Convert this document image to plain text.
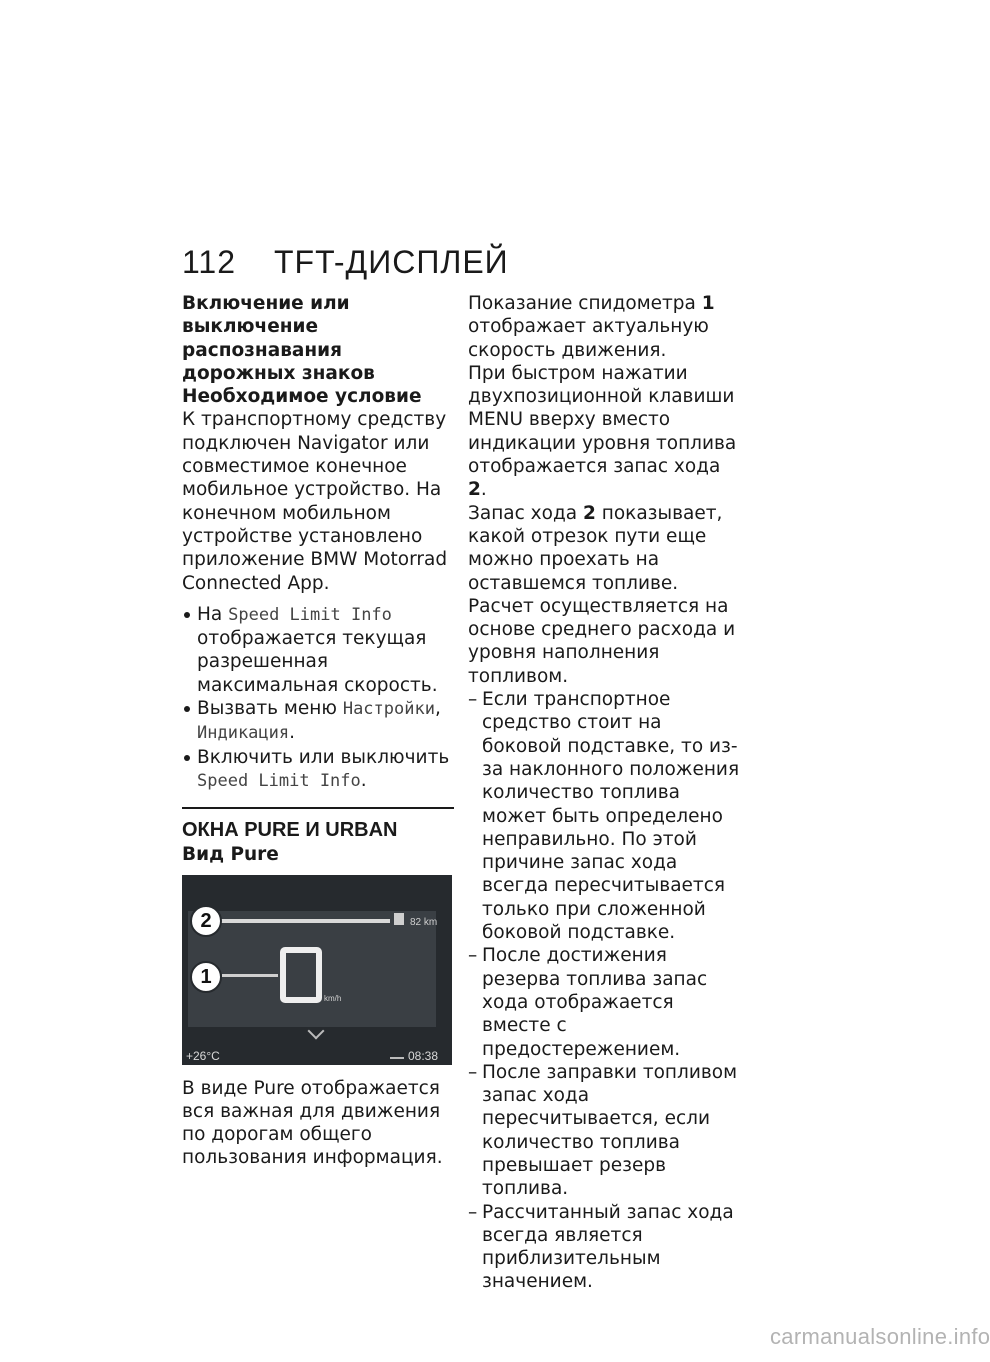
112 TFT-ДИСПЛЕЙ

Включение или выключение распознавания дорожных знаков

Необходимое условие

К транспортному средству подключен Navigator или совместимое конечное мобильное устройство. На конечном мобильном устройстве установлено приложение BMW Motorrad Connected App.

На Speed Limit Info отображается текущая разрешенная максимальная скорость.

Вызвать меню Настройки,
Индикация.

Включить или выключить Speed Limit Info.

ОКНА PURE И URBAN

Вид Pure

82 km
2
1
km/h
+26°C	08:38

В виде Pure отображается вся важная для движения по дорогам общего пользования информация.

Показание спидометра 1 отображает актуальную скорость движения.

При быстром нажатии двухпозиционной клавиши MENU вверху вместо индикации уровня топлива отображается запас хода 2.

Запас хода 2 показывает, какой отрезок пути еще можно проехать на оставшемся топливе. Расчет осуществляется на основе среднего расхода и уровня наполнения топливом.

– Если транспортное средство стоит на боковой подставке, то из-за наклонного положения количество топлива может быть определено неправильно. По этой причине запас хода всегда пересчитывается только при сложенной боковой подставке.

– После достижения резерва топлива запас хода отображается вместе с предостережением.

– После заправки топливом запас хода пересчитывается, если количество топлива превышает резерв топлива.

– Рассчитанный запас хода всегда является приблизительным значением.

carmanualsonline.info
